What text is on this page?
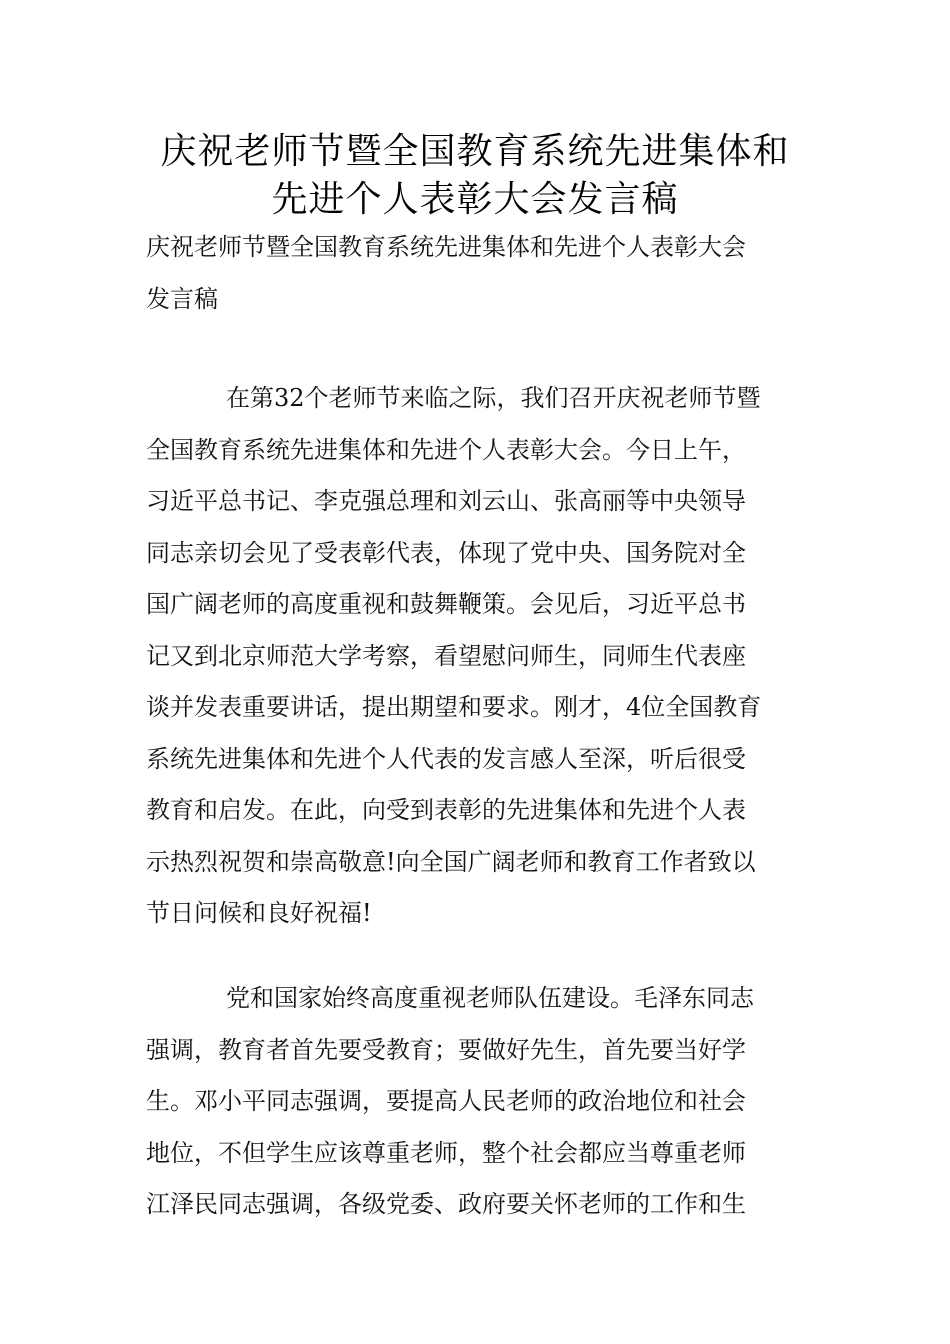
庆祝老师节暨全国教育系统先进集体和
先进个人表彰大会发言稿
庆祝老师节暨全国教育系统先进集体和先进个人表彰大会
发言稿
在第32个老师节来临之际，我们召开庆祝老师节暨
全国教育系统先进集体和先进个人表彰大会。今日上午，
习近平总书记、李克强总理和刘云山、张高丽等中央领导
同志亲切会见了受表彰代表，体现了党中央、国务院对全
国广阔老师的高度重视和鼓舞鞭策。会见后，习近平总书
记又到北京师范大学考察，看望慰问师生，同师生代表座
谈并发表重要讲话，提出期望和要求。刚才，4位全国教育
系统先进集体和先进个人代表的发言感人至深，听后很受
教育和启发。在此，向受到表彰的先进集体和先进个人表
示热烈祝贺和崇高敬意!向全国广阔老师和教育工作者致以
节日问候和良好祝福!
党和国家始终高度重视老师队伍建设。毛泽东同志
强调，教育者首先要受教育；要做好先生，首先要当好学
生。邓小平同志强调，要提高人民老师的政治地位和社会
地位，不但学生应该尊重老师，整个社会都应当尊重老师
江泽民同志强调，各级党委、政府要关怀老师的工作和生
